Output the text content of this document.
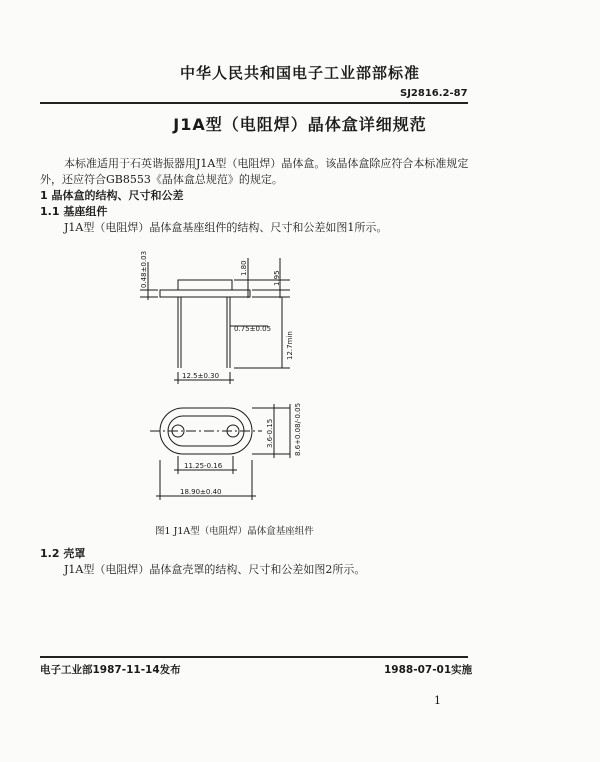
中华人民共和国电子工业部部标准
SJ2816.2-87
J1A型（电阻焊）晶体盒详细规范
本标准适用于石英谐振器用J1A型（电阻焊）晶体盒。该晶体盒除应符合本标准规定
外，还应符合GB8553《晶体盒总规范》的规定。
1 晶体盒的结构、尺寸和公差
1.1 基座组件
J1A型（电阻焊）晶体盒基座组件的结构、尺寸和公差如图1所示。
0.48±0.03	1.80
1.95
0.75±0.05
12.7min
12.5±0.30
3.6-0.15	8.6+0.08/-0.05
11.25-0.16
18.90±0.40
图1 J1A型（电阻焊）晶体盒基座组件
1.2 壳罩
J1A型（电阻焊）晶体盒壳罩的结构、尺寸和公差如图2所示。
电子工业部1987-11-14发布	1988-07-01实施
1
